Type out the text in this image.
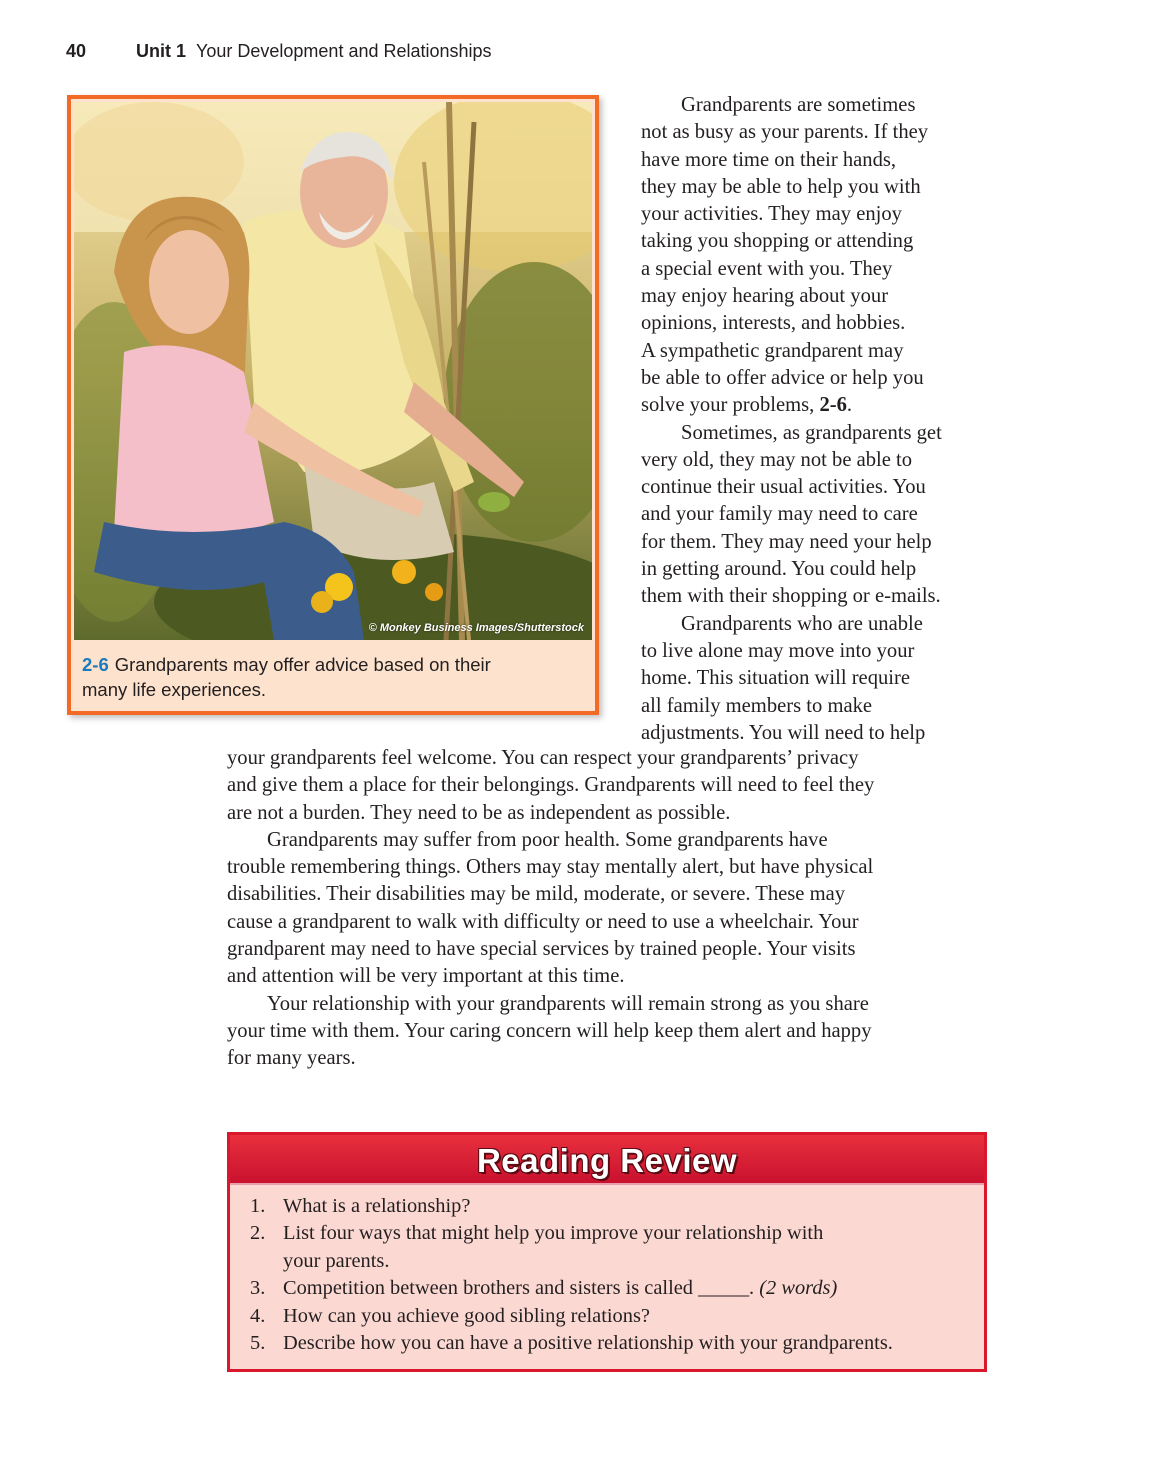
40	Unit 1 Your Development and Relationships
© Monkey Business Images/Shutterstock
2-6 Grandparents may offer advice based on their
many life experiences.

Grandparents are sometimes

not as busy as your parents. If they

have more time on their hands,

they may be able to help you with

your activities. They may enjoy

taking you shopping or attending

a special event with you. They

may enjoy hearing about your

opinions, interests, and hobbies.

A sympathetic grandparent may

be able to offer advice or help you

solve your problems, 2-6.

Sometimes, as grandparents get

very old, they may not be able to

continue their usual activities. You

and your family may need to care

for them. They may need your help

in getting around. You could help

them with their shopping or e-mails.

Grandparents who are unable

to live alone may move into your

home. This situation will require

all family members to make

adjustments. You will need to help

your grandparents feel welcome. You can respect your grandparents’ privacy

and give them a place for their belongings. Grandparents will need to feel they

are not a burden. They need to be as independent as possible.

Grandparents may suffer from poor health. Some grandparents have

trouble remembering things. Others may stay mentally alert, but have physical

disabilities. Their disabilities may be mild, moderate, or severe. These may

cause a grandparent to walk with difficulty or need to use a wheelchair. Your

grandparent may need to have special services by trained people. Your visits

and attention will be very important at this time.

Your relationship with your grandparents will remain strong as you share

your time with them. Your caring concern will help keep them alert and happy

for many years.

Reading Review
1. What is a relationship?
2. List four ways that might help you improve your relationship with
your parents.
3. Competition between brothers and sisters is called _____. (2 words)
4. How can you achieve good sibling relations?
5. Describe how you can have a positive relationship with your grandparents.
